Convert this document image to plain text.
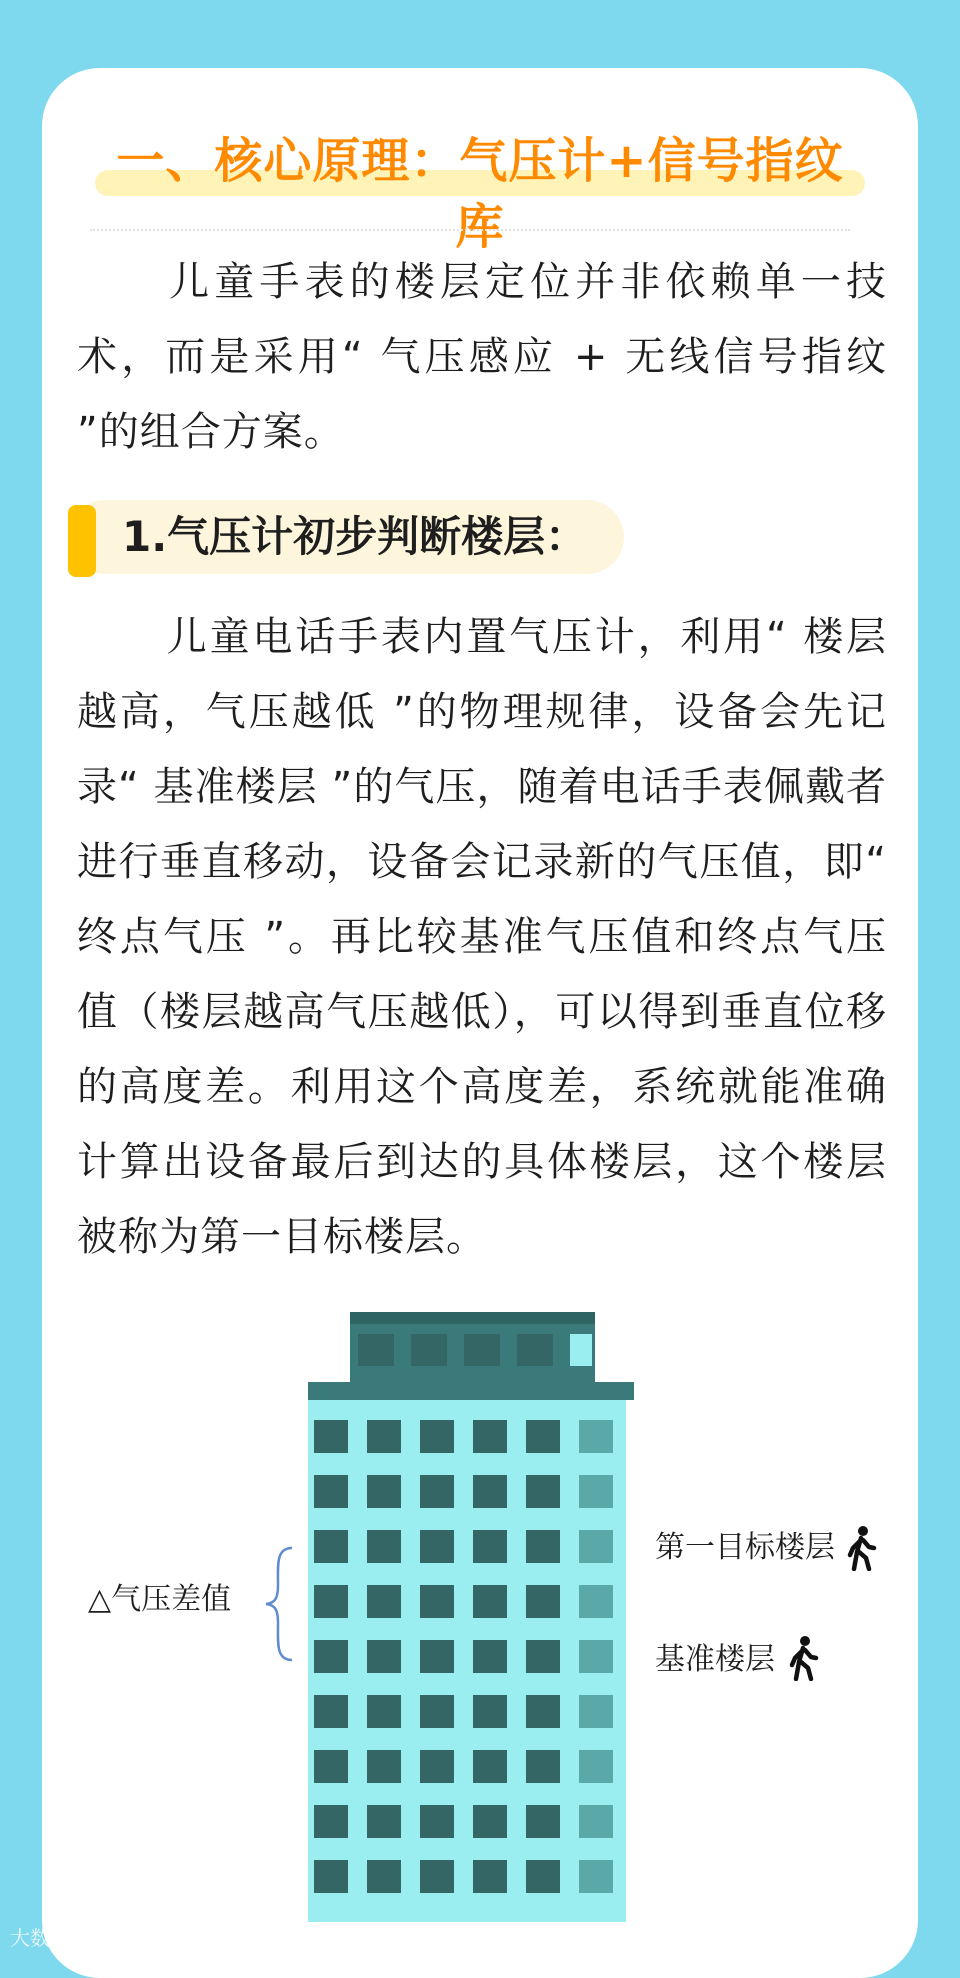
一、核心原理：气压计+信号指纹库

儿童手表的楼层定位并非依赖单一技术，而是采用“ 气压感应 + 无线信号指纹 ”的组合方案。

1.气压计初步判断楼层：

儿童电话手表内置气压计，利用“ 楼层越高，气压越低 ”的物理规律，设备会先记录“ 基准楼层 ”的气压，随着电话手表佩戴者进行垂直移动，设备会记录新的气压值，即“ 终点气压 ”。再比较基准气压值和终点气压值（楼层越高气压越低），可以得到垂直位移的高度差。利用这个高度差，系统就能准确计算出设备最后到达的具体楼层，这个楼层被称为第一目标楼层。

△气压差值
第一目标楼层
基准楼层
大数跨境
